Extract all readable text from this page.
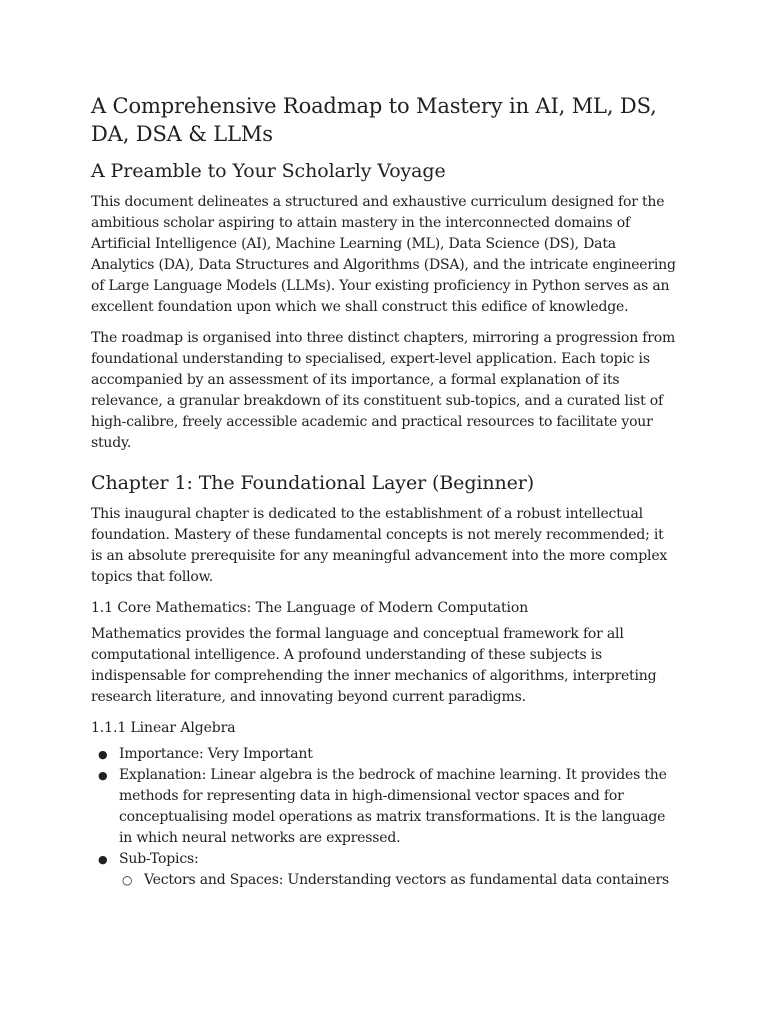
A Comprehensive Roadmap to Mastery in AI, ML, DS, DA, DSA & LLMs
A Preamble to Your Scholarly Voyage

This document delineates a structured and exhaustive curriculum designed for the ambitious scholar aspiring to attain mastery in the interconnected domains of Artificial Intelligence (AI), Machine Learning (ML), Data Science (DS), Data Analytics (DA), Data Structures and Algorithms (DSA), and the intricate engineering of Large Language Models (LLMs). Your existing proficiency in Python serves as an excellent foundation upon which we shall construct this edifice of knowledge.

The roadmap is organised into three distinct chapters, mirroring a progression from foundational understanding to specialised, expert-level application. Each topic is accompanied by an assessment of its importance, a formal explanation of its relevance, a granular breakdown of its constituent sub-topics, and a curated list of high-calibre, freely accessible academic and practical resources to facilitate your study.

Chapter 1: The Foundational Layer (Beginner)

This inaugural chapter is dedicated to the establishment of a robust intellectual foundation. Mastery of these fundamental concepts is not merely recommended; it is an absolute prerequisite for any meaningful advancement into the more complex topics that follow.

1.1 Core Mathematics: The Language of Modern Computation

Mathematics provides the formal language and conceptual framework for all computational intelligence. A profound understanding of these subjects is indispensable for comprehending the inner mechanics of algorithms, interpreting research literature, and innovating beyond current paradigms.

1.1.1 Linear Algebra
● Importance: Very Important
● Explanation: Linear algebra is the bedrock of machine learning. It provides the methods for representing data in high-dimensional vector spaces and for conceptualising model operations as matrix transformations. It is the language in which neural networks are expressed.
● Sub-Topics:
○ Vectors and Spaces: Understanding vectors as fundamental data containers
